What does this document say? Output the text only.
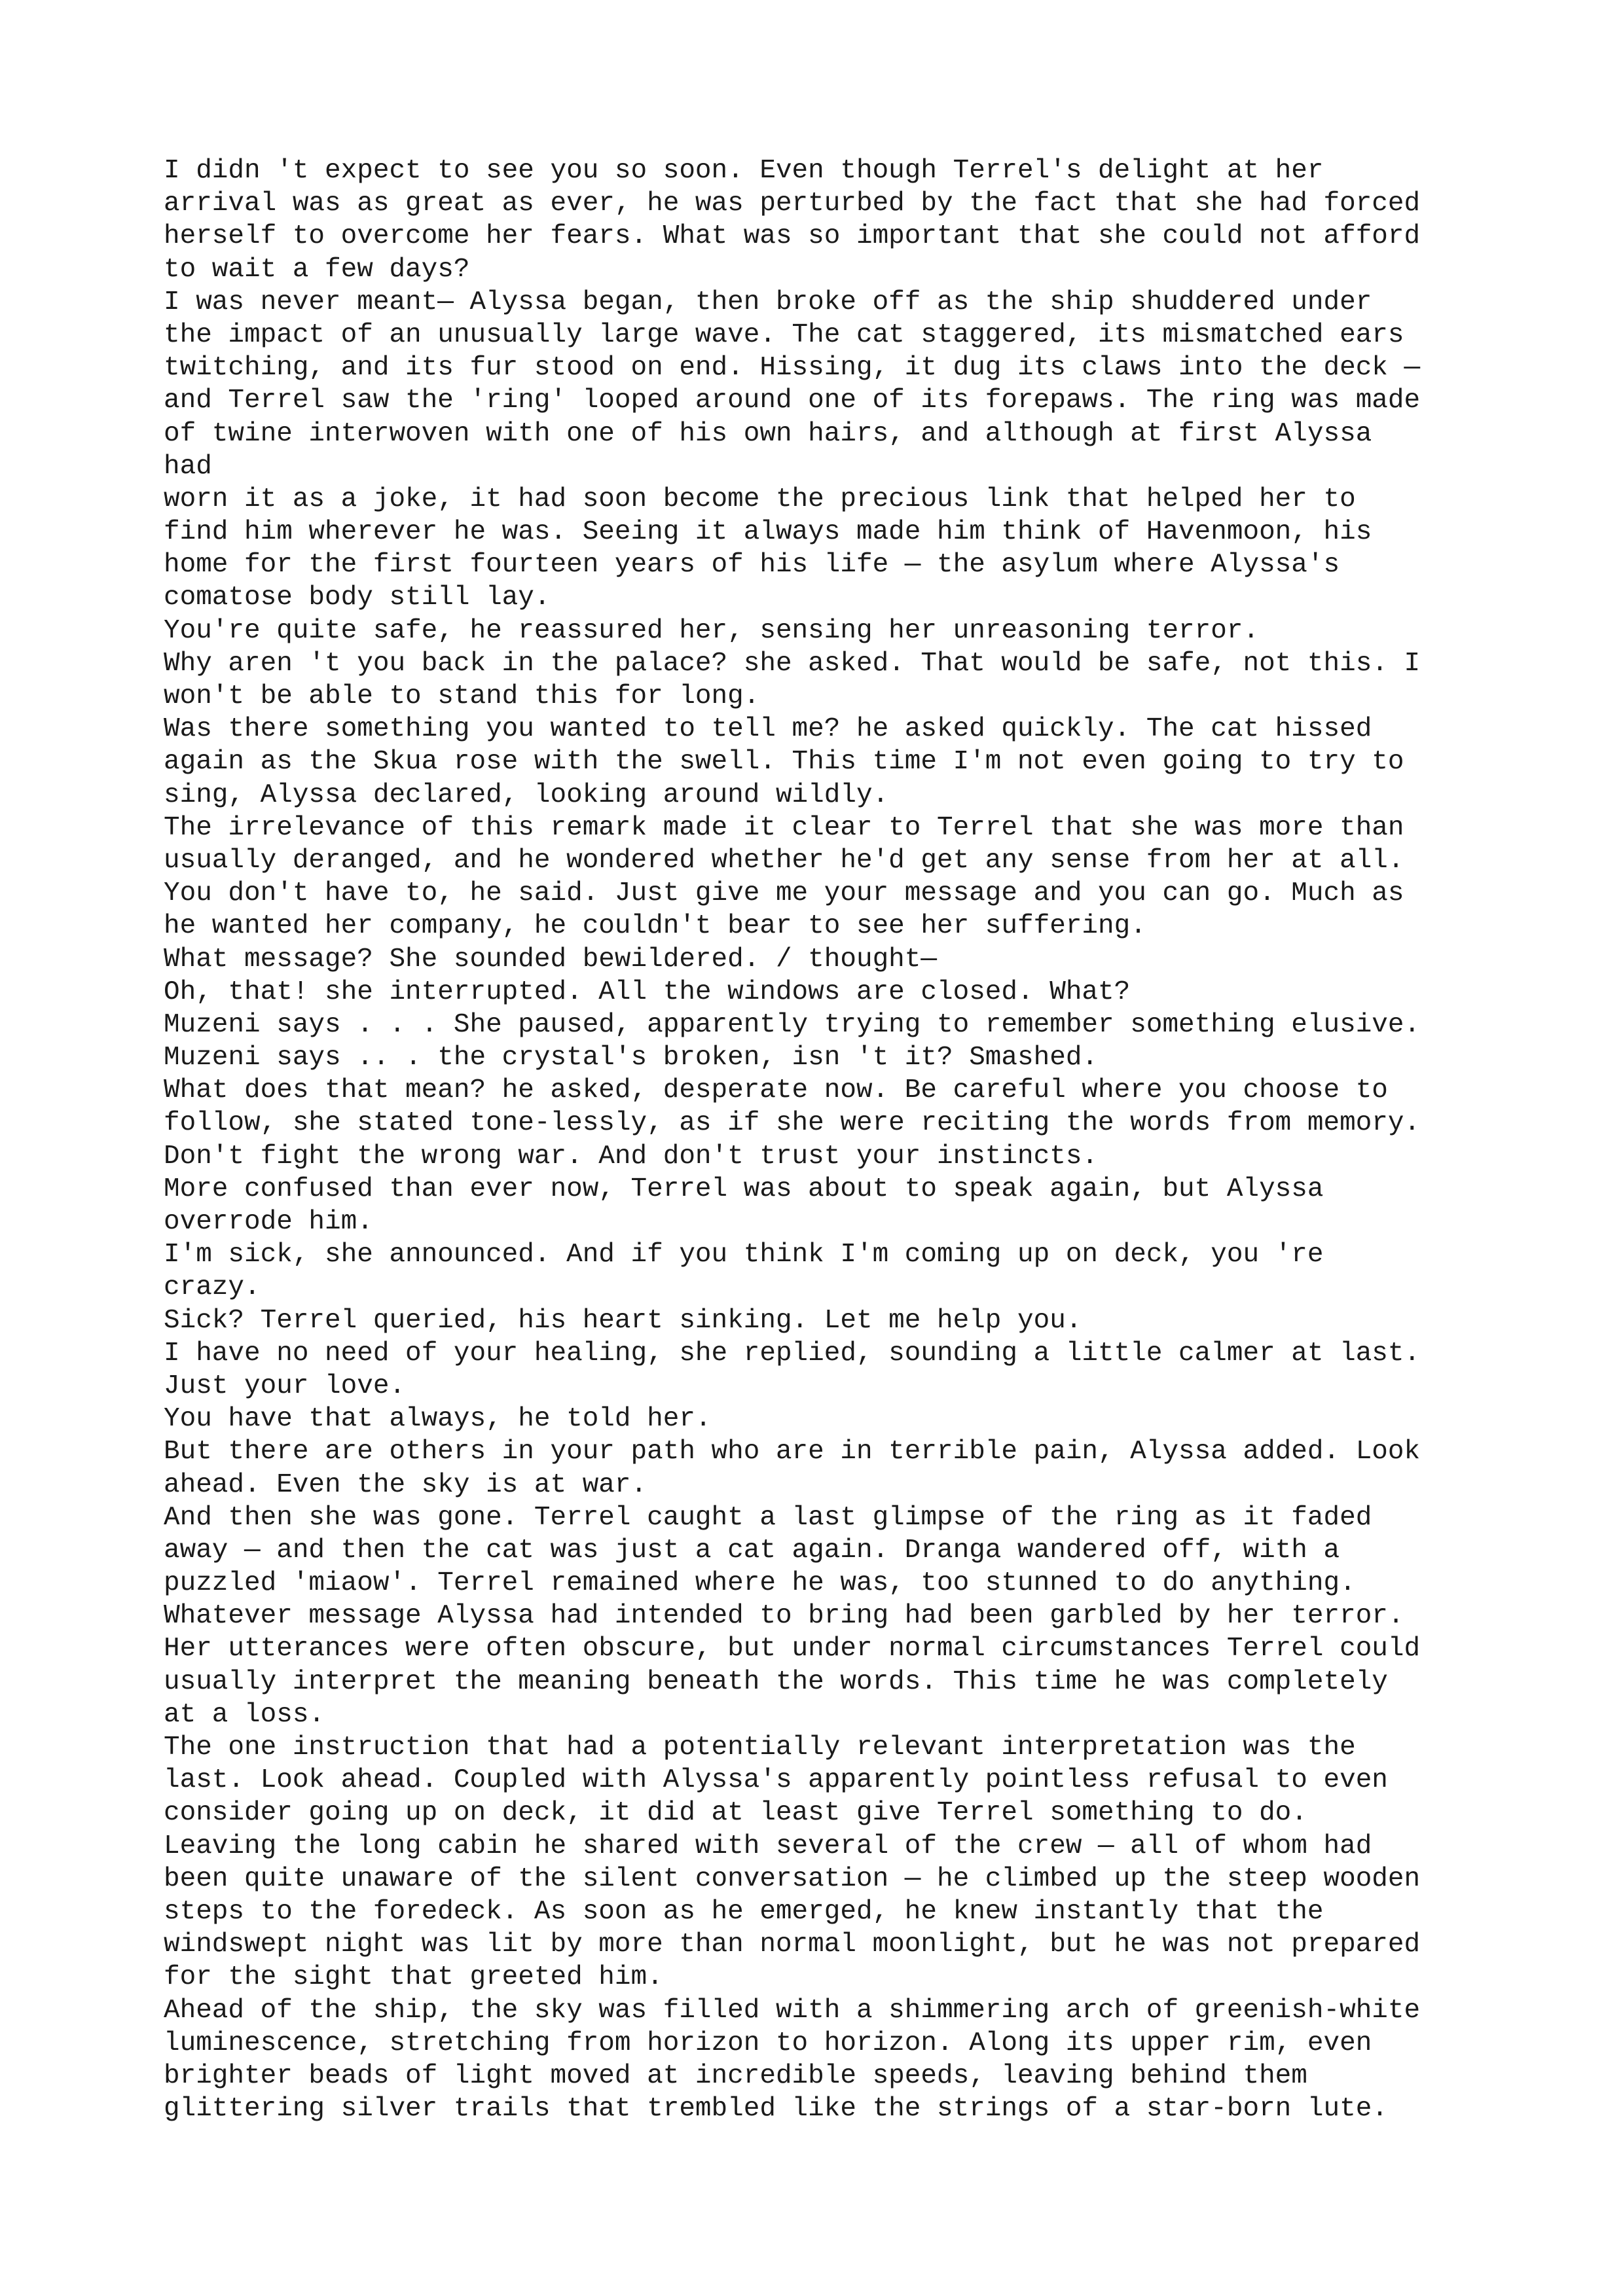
I didn 't expect to see you so soon. Even though Terrel's delight at her
arrival was as great as ever, he was perturbed by the fact that she had forced
herself to overcome her fears. What was so important that she could not afford
to wait a few days?
I was never meant— Alyssa began, then broke off as the ship shuddered under
the impact of an unusually large wave. The cat staggered, its mismatched ears
twitching, and its fur stood on end. Hissing, it dug its claws into the deck —
and Terrel saw the 'ring' looped around one of its forepaws. The ring was made
of twine interwoven with one of his own hairs, and although at first Alyssa
had
worn it as a joke, it had soon become the precious link that helped her to
find him wherever he was. Seeing it always made him think of Havenmoon, his
home for the first fourteen years of his life — the asylum where Alyssa's
comatose body still lay.
You're quite safe, he reassured her, sensing her unreasoning terror.
Why aren 't you back in the palace? she asked. That would be safe, not this. I
won't be able to stand this for long.
Was there something you wanted to tell me? he asked quickly. The cat hissed
again as the Skua rose with the swell. This time I'm not even going to try to
sing, Alyssa declared, looking around wildly.
The irrelevance of this remark made it clear to Terrel that she was more than
usually deranged, and he wondered whether he'd get any sense from her at all.
You don't have to, he said. Just give me your message and you can go. Much as
he wanted her company, he couldn't bear to see her suffering.
What message? She sounded bewildered. / thought—
Oh, that! she interrupted. All the windows are closed. What?
Muzeni says . . . She paused, apparently trying to remember something elusive.
Muzeni says .. . the crystal's broken, isn 't it? Smashed.
What does that mean? he asked, desperate now. Be careful where you choose to
follow, she stated tone-lessly, as if she were reciting the words from memory.
Don't fight the wrong war. And don't trust your instincts.
More confused than ever now, Terrel was about to speak again, but Alyssa
overrode him.
I'm sick, she announced. And if you think I'm coming up on deck, you 're
crazy.
Sick? Terrel queried, his heart sinking. Let me help you.
I have no need of your healing, she replied, sounding a little calmer at last.
Just your love.
You have that always, he told her.
But there are others in your path who are in terrible pain, Alyssa added. Look
ahead. Even the sky is at war.
And then she was gone. Terrel caught a last glimpse of the ring as it faded
away — and then the cat was just a cat again. Dranga wandered off, with a
puzzled 'miaow'. Terrel remained where he was, too stunned to do anything.
Whatever message Alyssa had intended to bring had been garbled by her terror.
Her utterances were often obscure, but under normal circumstances Terrel could
usually interpret the meaning beneath the words. This time he was completely
at a loss.
The one instruction that had a potentially relevant interpretation was the
last. Look ahead. Coupled with Alyssa's apparently pointless refusal to even
consider going up on deck, it did at least give Terrel something to do.
Leaving the long cabin he shared with several of the crew — all of whom had
been quite unaware of the silent conversation — he climbed up the steep wooden
steps to the foredeck. As soon as he emerged, he knew instantly that the
windswept night was lit by more than normal moonlight, but he was not prepared
for the sight that greeted him.
Ahead of the ship, the sky was filled with a shimmering arch of greenish-white
luminescence, stretching from horizon to horizon. Along its upper rim, even
brighter beads of light moved at incredible speeds, leaving behind them
glittering silver trails that trembled like the strings of a star-born lute.
